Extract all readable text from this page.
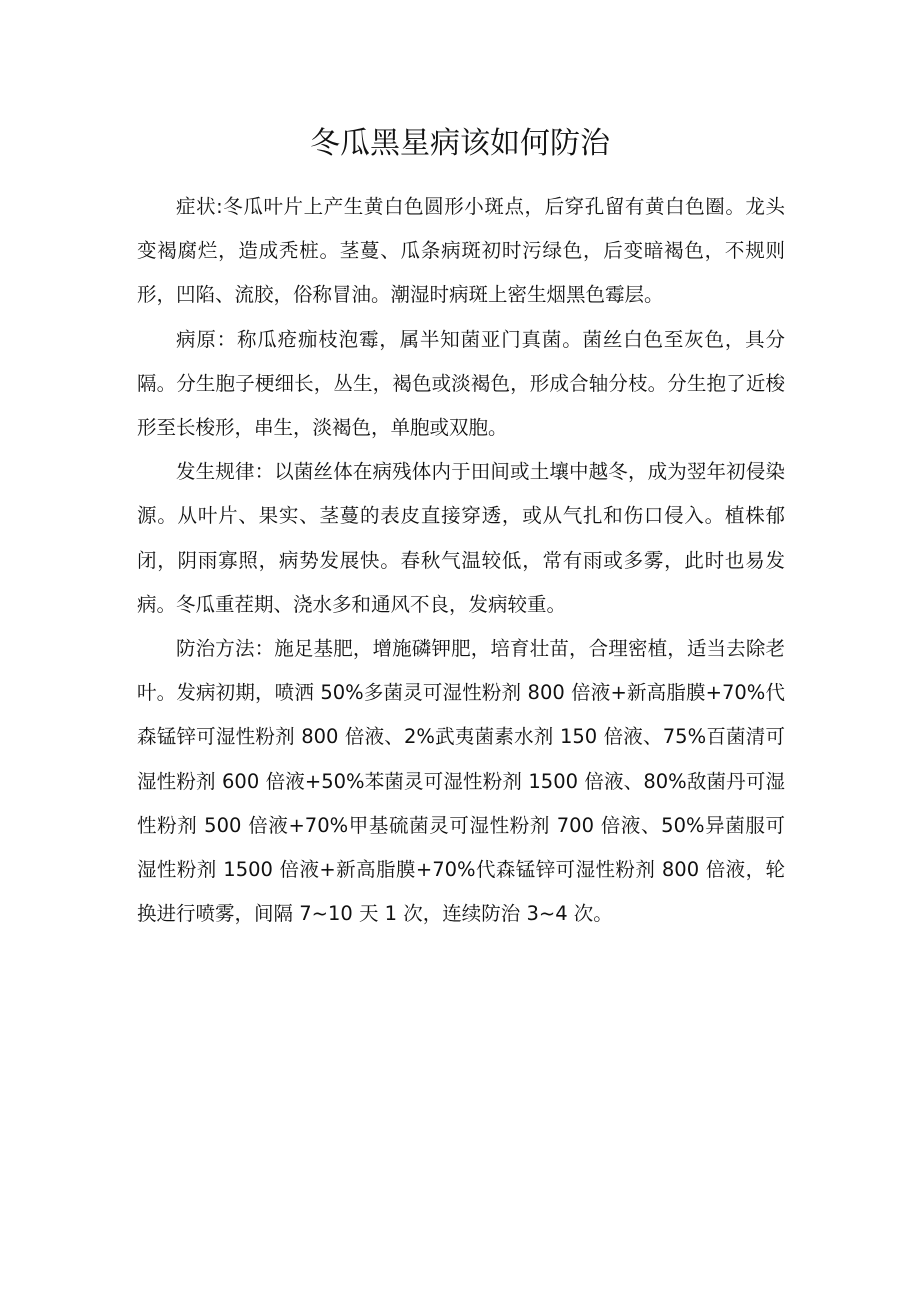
冬瓜黑星病该如何防治

症状:冬瓜叶片上产生黄白色圆形小斑点，后穿孔留有黄白色圈。龙头变褐腐烂，造成秃桩。茎蔓、瓜条病斑初时污绿色，后变暗褐色，不规则形，凹陷、流胶，俗称冒油。潮湿时病斑上密生烟黑色霉层。

病原：称瓜疮痂枝泡霉，属半知菌亚门真菌。菌丝白色至灰色，具分隔。分生胞子梗细长，丛生，褐色或淡褐色，形成合轴分枝。分生抱了近梭形至长梭形，串生，淡褐色，单胞或双胞。

发生规律：以菌丝体在病残体内于田间或土壤中越冬，成为翌年初侵染源。从叶片、果实、茎蔓的表皮直接穿透，或从气扎和伤口侵入。植株郁闭，阴雨寡照，病势发展快。春秋气温较低，常有雨或多雾，此时也易发病。冬瓜重茬期、浇水多和通风不良，发病较重。

防治方法：施足基肥，增施磷钾肥，培育壮苗，合理密植，适当去除老叶。发病初期，喷洒 50%多菌灵可湿性粉剂 800 倍液+新高脂膜+70%代森锰锌可湿性粉剂 800 倍液、2%武夷菌素水剂 150 倍液、75%百菌清可湿性粉剂 600 倍液+50%苯菌灵可湿性粉剂 1500 倍液、80%敌菌丹可湿性粉剂 500 倍液+70%甲基硫菌灵可湿性粉剂 700 倍液、50%异菌服可湿性粉剂 1500 倍液+新高脂膜+70%代森锰锌可湿性粉剂 800 倍液，轮换进行喷雾，间隔 7~10 天 1 次，连续防治 3~4 次。
